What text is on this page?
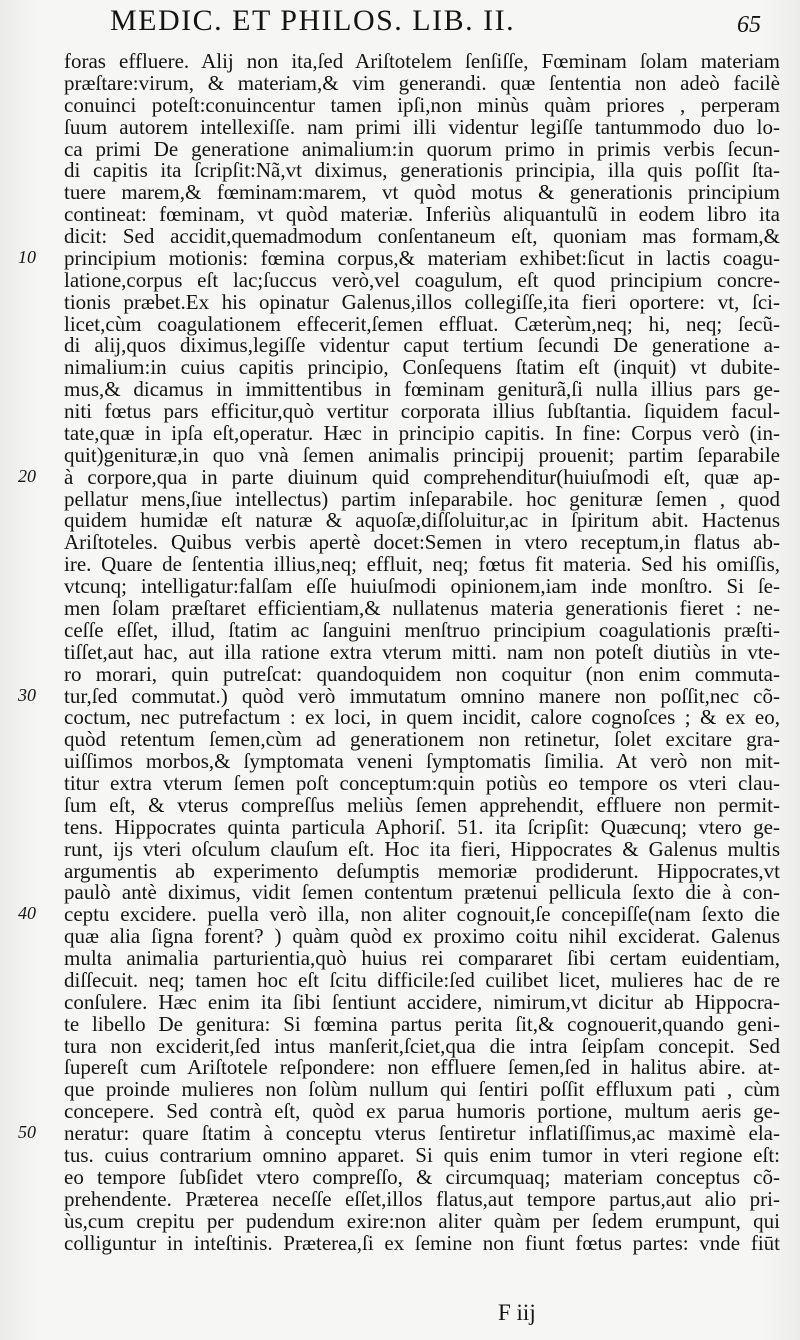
MEDIC. ET PHILOS. LIB. II.	65
foras effluere. Alij non ita,ſed Ariſtotelem ſenſiſſe, Fœminam ſolam materiam
præſtare:virum, & materiam,& vim generandi. quæ ſententia non adeò facilè
conuinci poteſt:conuincentur tamen ipſi,non minùs quàm priores , perperam
ſuum autorem intellexiſſe. nam primi illi videntur legiſſe tantummodo duo lo-
ca primi De generatione animalium:in quorum primo in primis verbis ſecun-
di capitis ita ſcripſit:Nã,vt diximus, generationis principia, illa quis poſſit ſta-
tuere marem,& fœminam:marem, vt quòd motus & generationis principium
contineat: fœminam, vt quòd materiæ. Inferiùs aliquantulũ in eodem libro ita
dicit: Sed accidit,quemadmodum conſentaneum eſt, quoniam mas formam,&
principium motionis: fœmina corpus,& materiam exhibet:ſicut in lactis coagu-
latione,corpus eſt lac;ſuccus verò,vel coagulum, eſt quod principium concre-
tionis præbet.Ex his opinatur Galenus,illos collegiſſe,ita fieri oportere: vt, ſci-
licet,cùm coagulationem effecerit,ſemen effluat. Cæterùm,neq; hi, neq; ſecũ-
di alij,quos diximus,legiſſe videntur caput tertium ſecundi De generatione a-
nimalium:in cuius capitis principio, Conſequens ſtatim eſt (inquit) vt dubite-
mus,& dicamus in immittentibus in fœminam geniturã,ſi nulla illius pars ge-
niti fœtus pars efficitur,quò vertitur corporata illius ſubſtantia. ſiquidem facul-
tate,quæ in ipſa eſt,operatur. Hæc in principio capitis. In fine: Corpus verò (in-
quit)genituræ,in quo vnà ſemen animalis principij prouenit; partim ſeparabile
à corpore,qua in parte diuinum quid comprehenditur(huiuſmodi eſt, quæ ap-
pellatur mens,ſiue intellectus) partim inſeparabile. hoc genituræ ſemen , quod
quidem humidæ eſt naturæ & aquoſæ,diſſoluitur,ac in ſpiritum abit. Hactenus
Ariſtoteles. Quibus verbis apertè docet:Semen in vtero receptum,in flatus ab-
ire. Quare de ſententia illius,neq; effluit, neq; fœtus fit materia. Sed his omiſſis,
vtcunq; intelligatur:falſam eſſe huiuſmodi opinionem,iam inde monſtro. Si ſe-
men ſolam præſtaret efficientiam,& nullatenus materia generationis fieret : ne-
ceſſe eſſet, illud, ſtatim ac ſanguini menſtruo principium coagulationis præſti-
tiſſet,aut hac, aut illa ratione extra vterum mitti. nam non poteſt diutiùs in vte-
ro morari, quin putreſcat: quandoquidem non coquitur (non enim commuta-
tur,ſed commutat.) quòd verò immutatum omnino manere non poſſit,nec cõ-
coctum, nec putrefactum : ex loci, in quem incidit, calore cognoſces ; & ex eo,
quòd retentum ſemen,cùm ad generationem non retinetur, ſolet excitare gra-
uiſſimos morbos,& ſymptomata veneni ſymptomatis ſimilia. At verò non mit-
titur extra vterum ſemen poſt conceptum:quin potiùs eo tempore os vteri clau-
ſum eſt, & vterus compreſſus meliùs ſemen apprehendit, effluere non permit-
tens. Hippocrates quinta particula Aphoriſ. 51. ita ſcripſit: Quæcunq; vtero ge-
runt, ijs vteri oſculum clauſum eſt. Hoc ita fieri, Hippocrates & Galenus multis
argumentis ab experimento deſumptis memoriæ prodiderunt. Hippocrates,vt
paulò antè diximus, vidit ſemen contentum prætenui pellicula ſexto die à con-
ceptu excidere. puella verò illa, non aliter cognouit,ſe concepiſſe(nam ſexto die
quæ alia ſigna forent? ) quàm quòd ex proximo coitu nihil exciderat. Galenus
multa animalia parturientia,quò huius rei compararet ſibi certam euidentiam,
diſſecuit. neq; tamen hoc eſt ſcitu difficile:ſed cuilibet licet, mulieres hac de re
conſulere. Hæc enim ita ſibi ſentiunt accidere, nimirum,vt dicitur ab Hippocra-
te libello De genitura: Si fœmina partus perita ſit,& cognouerit,quando geni-
tura non exciderit,ſed intus manſerit,ſciet,qua die intra ſeipſam concepit. Sed
ſupereſt cum Ariſtotele reſpondere: non effluere ſemen,ſed in halitus abire. at-
que proinde mulieres non ſolùm nullum qui ſentiri poſſit effluxum pati , cùm
concepere. Sed contrà eſt, quòd ex parua humoris portione, multum aeris ge-
neratur: quare ſtatim à conceptu vterus ſentiretur inflatiſſimus,ac maximè ela-
tus. cuius contrarium omnino apparet. Si quis enim tumor in vteri regione eſt:
eo tempore ſubſidet vtero compreſſo, & circumquaq; materiam conceptus cõ-
prehendente. Præterea neceſſe eſſet,illos flatus,aut tempore partus,aut alio pri-
ùs,cum crepitu per pudendum exire:non aliter quàm per ſedem erumpunt, qui
colliguntur in inteſtinis. Præterea,ſi ex ſemine non fiunt fœtus partes: vnde fiūt
10
20
30
40
50
F iij
